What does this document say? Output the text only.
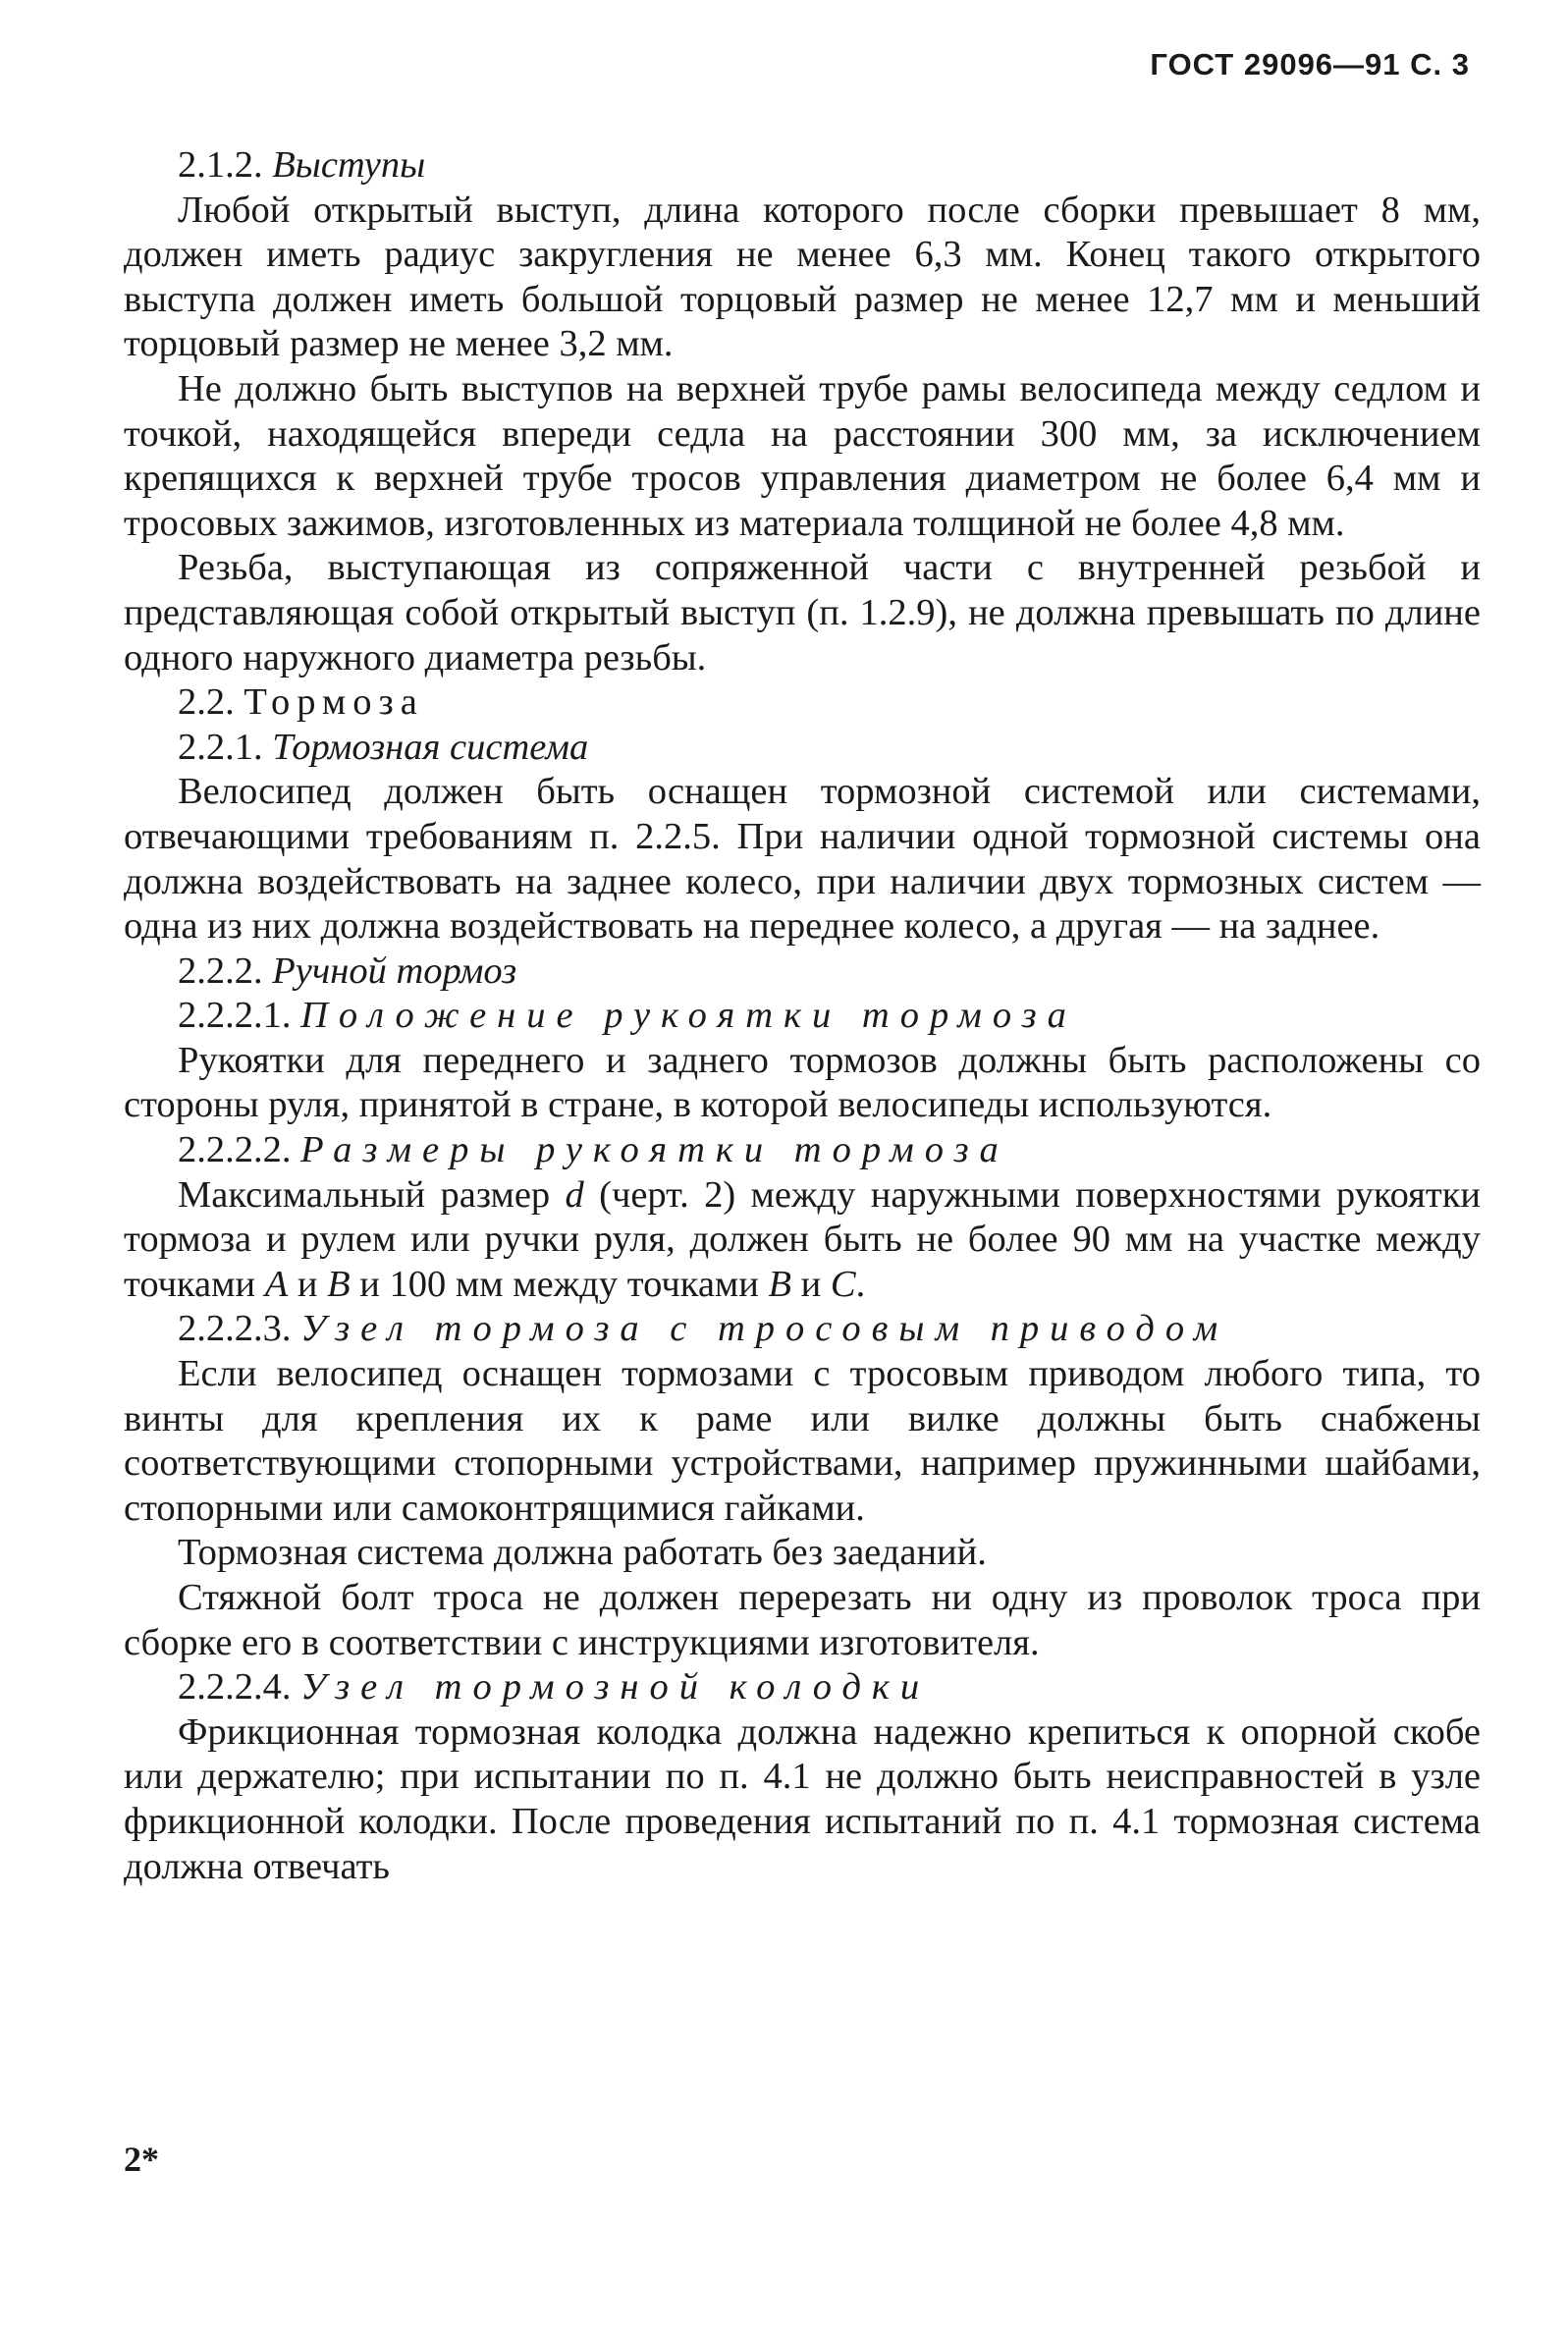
ГОСТ 29096—91 С. 3
2.1.2. Выступы

Любой открытый выступ, длина которого после сборки превышает 8 мм, должен иметь радиус закругления не менее 6,3 мм. Конец такого открытого выступа должен иметь большой торцовый размер не менее 12,7 мм и меньший торцовый размер не менее 3,2 мм.

Не должно быть выступов на верхней трубе рамы велосипеда между седлом и точкой, находящейся впереди седла на расстоянии 300 мм, за исключением крепящихся к верхней трубе тросов управления диаметром не более 6,4 мм и тросовых зажимов, изготовленных из материала толщиной не более 4,8 мм.

Резьба, выступающая из сопряженной части с внутренней резьбой и представляющая собой открытый выступ (п. 1.2.9), не должна превышать по длине одного наружного диаметра резьбы.

2.2. Тормоза
2.2.1. Тормозная система

Велосипед должен быть оснащен тормозной системой или системами, отвечающими требованиям п. 2.2.5. При наличии одной тормозной системы она должна воздействовать на заднее колесо, при наличии двух тормозных систем — одна из них должна воздействовать на переднее колесо, а другая — на заднее.

2.2.2. Ручной тормоз
2.2.2.1. Положение рукоятки тормоза

Рукоятки для переднего и заднего тормозов должны быть расположены со стороны руля, принятой в стране, в которой велосипеды используются.

2.2.2.2. Размеры рукоятки тормоза

Максимальный размер d (черт. 2) между наружными поверхностями рукоятки тормоза и рулем или ручки руля, должен быть не более 90 мм на участке между точками A и B и 100 мм между точками B и C.

2.2.2.3. Узел тормоза с тросовым приводом

Если велосипед оснащен тормозами с тросовым приводом любого типа, то винты для крепления их к раме или вилке должны быть снабжены соответствующими стопорными устройствами, например пружинными шайбами, стопорными или самоконтрящимися гайками.

Тормозная система должна работать без заеданий.

Стяжной болт троса не должен перерезать ни одну из проволок троса при сборке его в соответствии с инструкциями изготовителя.

2.2.2.4. Узел тормозной колодки

Фрикционная тормозная колодка должна надежно крепиться к опорной скобе или держателю; при испытании по п. 4.1 не должно быть неисправностей в узле фрикционной колодки. После проведения испытаний по п. 4.1 тормозная система должна отвечать

2*
